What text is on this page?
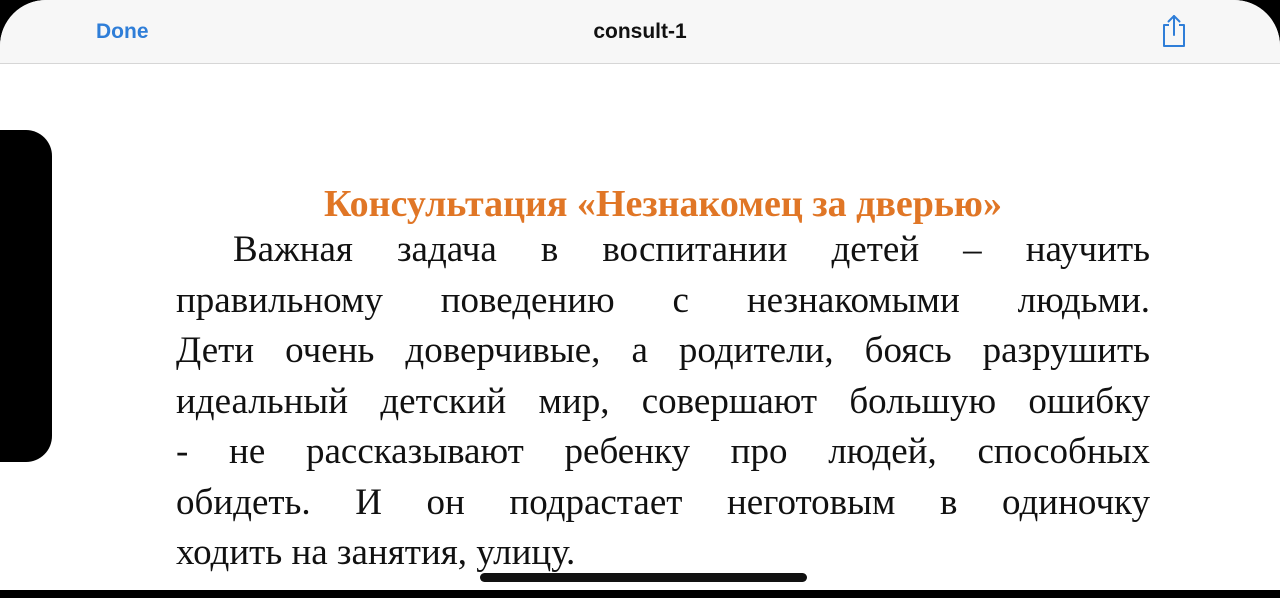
Done	consult-1
Консультация «Незнакомец за дверью»
Важная задача в воспитании детей – научить
правильному поведению с незнакомыми людьми.
Дети очень доверчивые, а родители, боясь разрушить
идеальный детский мир, совершают большую ошибку
- не рассказывают ребенку про людей, способных
обидеть. И он подрастает неготовым в одиночку
ходить на занятия, улицу.
